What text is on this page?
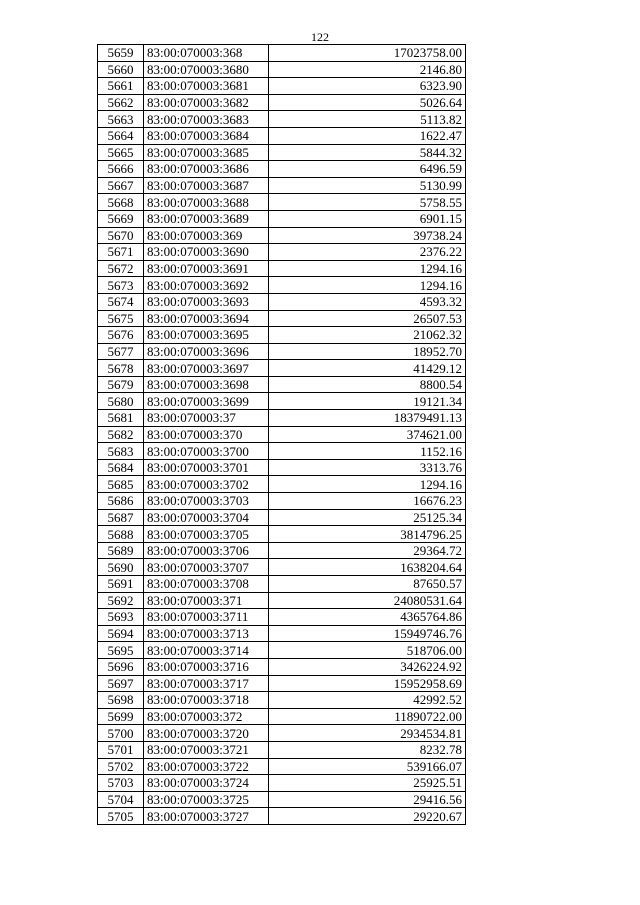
122
5659	83:00:070003:368	17023758.00
5660	83:00:070003:3680	2146.80
5661	83:00:070003:3681	6323.90
5662	83:00:070003:3682	5026.64
5663	83:00:070003:3683	5113.82
5664	83:00:070003:3684	1622.47
5665	83:00:070003:3685	5844.32
5666	83:00:070003:3686	6496.59
5667	83:00:070003:3687	5130.99
5668	83:00:070003:3688	5758.55
5669	83:00:070003:3689	6901.15
5670	83:00:070003:369	39738.24
5671	83:00:070003:3690	2376.22
5672	83:00:070003:3691	1294.16
5673	83:00:070003:3692	1294.16
5674	83:00:070003:3693	4593.32
5675	83:00:070003:3694	26507.53
5676	83:00:070003:3695	21062.32
5677	83:00:070003:3696	18952.70
5678	83:00:070003:3697	41429.12
5679	83:00:070003:3698	8800.54
5680	83:00:070003:3699	19121.34
5681	83:00:070003:37	18379491.13
5682	83:00:070003:370	374621.00
5683	83:00:070003:3700	1152.16
5684	83:00:070003:3701	3313.76
5685	83:00:070003:3702	1294.16
5686	83:00:070003:3703	16676.23
5687	83:00:070003:3704	25125.34
5688	83:00:070003:3705	3814796.25
5689	83:00:070003:3706	29364.72
5690	83:00:070003:3707	1638204.64
5691	83:00:070003:3708	87650.57
5692	83:00:070003:371	24080531.64
5693	83:00:070003:3711	4365764.86
5694	83:00:070003:3713	15949746.76
5695	83:00:070003:3714	518706.00
5696	83:00:070003:3716	3426224.92
5697	83:00:070003:3717	15952958.69
5698	83:00:070003:3718	42992.52
5699	83:00:070003:372	11890722.00
5700	83:00:070003:3720	2934534.81
5701	83:00:070003:3721	8232.78
5702	83:00:070003:3722	539166.07
5703	83:00:070003:3724	25925.51
5704	83:00:070003:3725	29416.56
5705	83:00:070003:3727	29220.67
